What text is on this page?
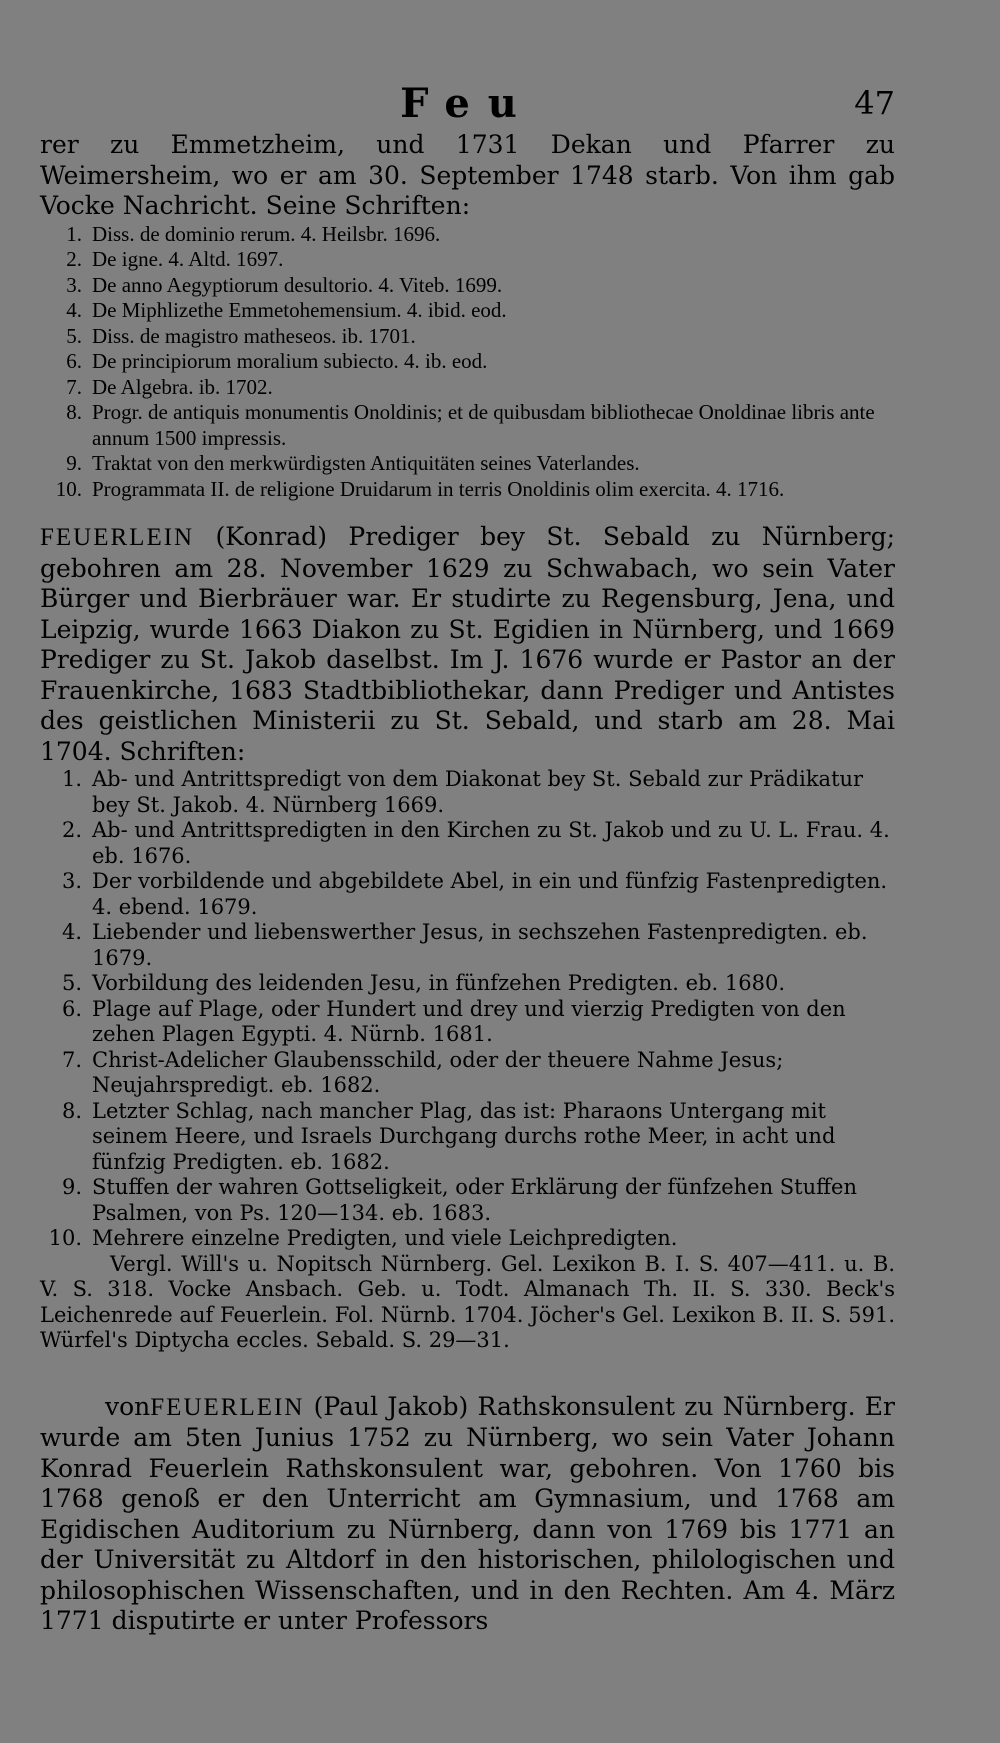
Feu	47

rer zu Emmetzheim, und 1731 Dekan und Pfarrer zu Weimersheim, wo er am 30. September 1748 starb. Von ihm gab Vocke Nachricht. Seine Schriften:

1. Diss. de dominio rerum. 4. Heilsbr. 1696.
2. De igne. 4. Altd. 1697.
3. De anno Aegyptiorum desultorio. 4. Viteb. 1699.
4. De Miphlizethe Emmetohemensium. 4. ibid. eod.
5. Diss. de magistro matheseos. ib. 1701.
6. De principiorum moralium subiecto. 4. ib. eod.
7. De Algebra. ib. 1702.
8. Progr. de antiquis monumentis Onoldinis; et de quibusdam bibliothecae Onoldinae libris ante annum 1500 impressis.
9. Traktat von den merkwürdigsten Antiquitäten seines Vaterlandes.
10. Programmata II. de religione Druidarum in terris Onoldinis olim exercita. 4. 1716.

FEUERLEIN (Konrad) Prediger bey St. Sebald zu Nürnberg; gebohren am 28. November 1629 zu Schwabach, wo sein Vater Bürger und Bierbräuer war. Er studirte zu Regensburg, Jena, und Leipzig, wurde 1663 Diakon zu St. Egidien in Nürnberg, und 1669 Prediger zu St. Jakob daselbst. Im J. 1676 wurde er Pastor an der Frauenkirche, 1683 Stadtbibliothekar, dann Prediger und Antistes des geistlichen Ministerii zu St. Sebald, und starb am 28. Mai 1704. Schriften:

1. Ab- und Antrittspredigt von dem Diakonat bey St. Sebald zur Prädikatur bey St. Jakob. 4. Nürnberg 1669.
2. Ab- und Antrittspredigten in den Kirchen zu St. Jakob und zu U. L. Frau. 4. eb. 1676.
3. Der vorbildende und abgebildete Abel, in ein und fünfzig Fastenpredigten. 4. ebend. 1679.
4. Liebender und liebenswerther Jesus, in sechszehen Fastenpredigten. eb. 1679.
5. Vorbildung des leidenden Jesu, in fünfzehen Predigten. eb. 1680.
6. Plage auf Plage, oder Hundert und drey und vierzig Predigten von den zehen Plagen Egypti. 4. Nürnb. 1681.
7. Christ-Adelicher Glaubensschild, oder der theuere Nahme Jesus; Neujahrspredigt. eb. 1682.
8. Letzter Schlag, nach mancher Plag, das ist: Pharaons Untergang mit seinem Heere, und Israels Durchgang durchs rothe Meer, in acht und fünfzig Predigten. eb. 1682.
9. Stuffen der wahren Gottseligkeit, oder Erklärung der fünfzehen Stuffen Psalmen, von Ps. 120—134. eb. 1683.
10. Mehrere einzelne Predigten, und viele Leichpredigten.

Vergl. Will's u. Nopitsch Nürnberg. Gel. Lexikon B. I. S. 407—411. u. B. V. S. 318. Vocke Ansbach. Geb. u. Todt. Almanach Th. II. S. 330. Beck's Leichenrede auf Feuerlein. Fol. Nürnb. 1704. Jöcher's Gel. Lexikon B. II. S. 591. Würfel's Diptycha eccles. Sebald. S. 29—31.

vonFEUERLEIN (Paul Jakob) Rathskonsulent zu Nürnberg. Er wurde am 5ten Junius 1752 zu Nürnberg, wo sein Vater Johann Konrad Feuerlein Rathskonsulent war, gebohren. Von 1760 bis 1768 genoß er den Unterricht am Gymnasium, und 1768 am Egidischen Auditorium zu Nürnberg, dann von 1769 bis 1771 an der Universität zu Altdorf in den historischen, philologischen und philosophischen Wissenschaften, und in den Rechten. Am 4. März 1771 disputirte er unter Professors
